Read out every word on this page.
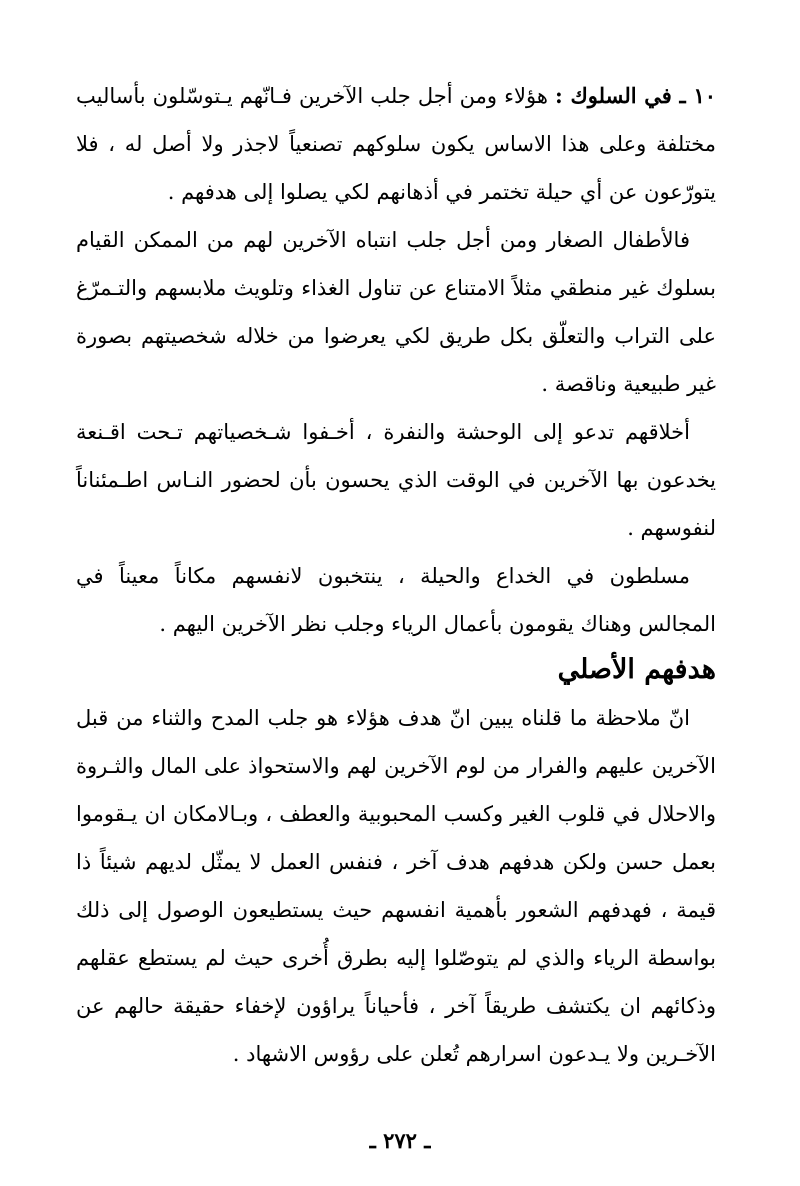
١٠ ـ في السلوك : هؤلاء ومن أجل جلب الآخرين فـانّهم يـتوسّلون بأساليب مختلفة وعلى هذا الاساس يكون سلوكهم تصنعياً لاجذر ولا أصل له ، فلا يتورّعون عن أي حيلة تختمر في أذهانهم لكي يصلوا إلى هدفهم .

فالأطفال الصغار ومن أجل جلب انتباه الآخرين لهم من الممكن القيام بسلوك غير منطقي مثلاً الامتناع عن تناول الغذاء وتلويث ملابسهم والتـمرّغ على التراب والتعلّق بكل طريق لكي يعرضوا من خلاله شخصيتهم بصورة غير طبيعية وناقصة .

أخلاقهم تدعو إلى الوحشة والنفرة ، أخـفوا شـخصياتهم تـحت اقـنعة يخدعون بها الآخرين في الوقت الذي يحسون بأن لحضور النـاس اطـمئناناً لنفوسهم .

مسلطون في الخداع والحيلة ، ينتخبون لانفسهم مكاناً معيناً في المجالس وهناك يقومون بأعمال الرياء وجلب نظر الآخرين اليهم .

هدفهم الأصلي

انّ ملاحظة ما قلناه يبين انّ هدف هؤلاء هو جلب المدح والثناء من قبل الآخرين عليهم والفرار من لوم الآخرين لهم والاستحواذ على المال والثـروة والاحلال في قلوب الغير وكسب المحبوبية والعطف ، وبـالامكان ان يـقوموا بعمل حسن ولكن هدفهم هدف آخر ، فنفس العمل لا يمثّل لديهم شيئاً ذا قيمة ، فهدفهم الشعور بأهمية انفسهم حيث يستطيعون الوصول إلى ذلك بواسطة الرياء والذي لم يتوصّلوا إليه بطرق أُخرى حيث لم يستطع عقلهم وذكائهم ان يكتشف طريقاً آخر ، فأحياناً يراؤون لإخفاء حقيقة حالهم عن الآخـرين ولا يـدعون اسرارهم تُعلن على رؤوس الاشهاد .

ـ ٢٧٢ ـ
